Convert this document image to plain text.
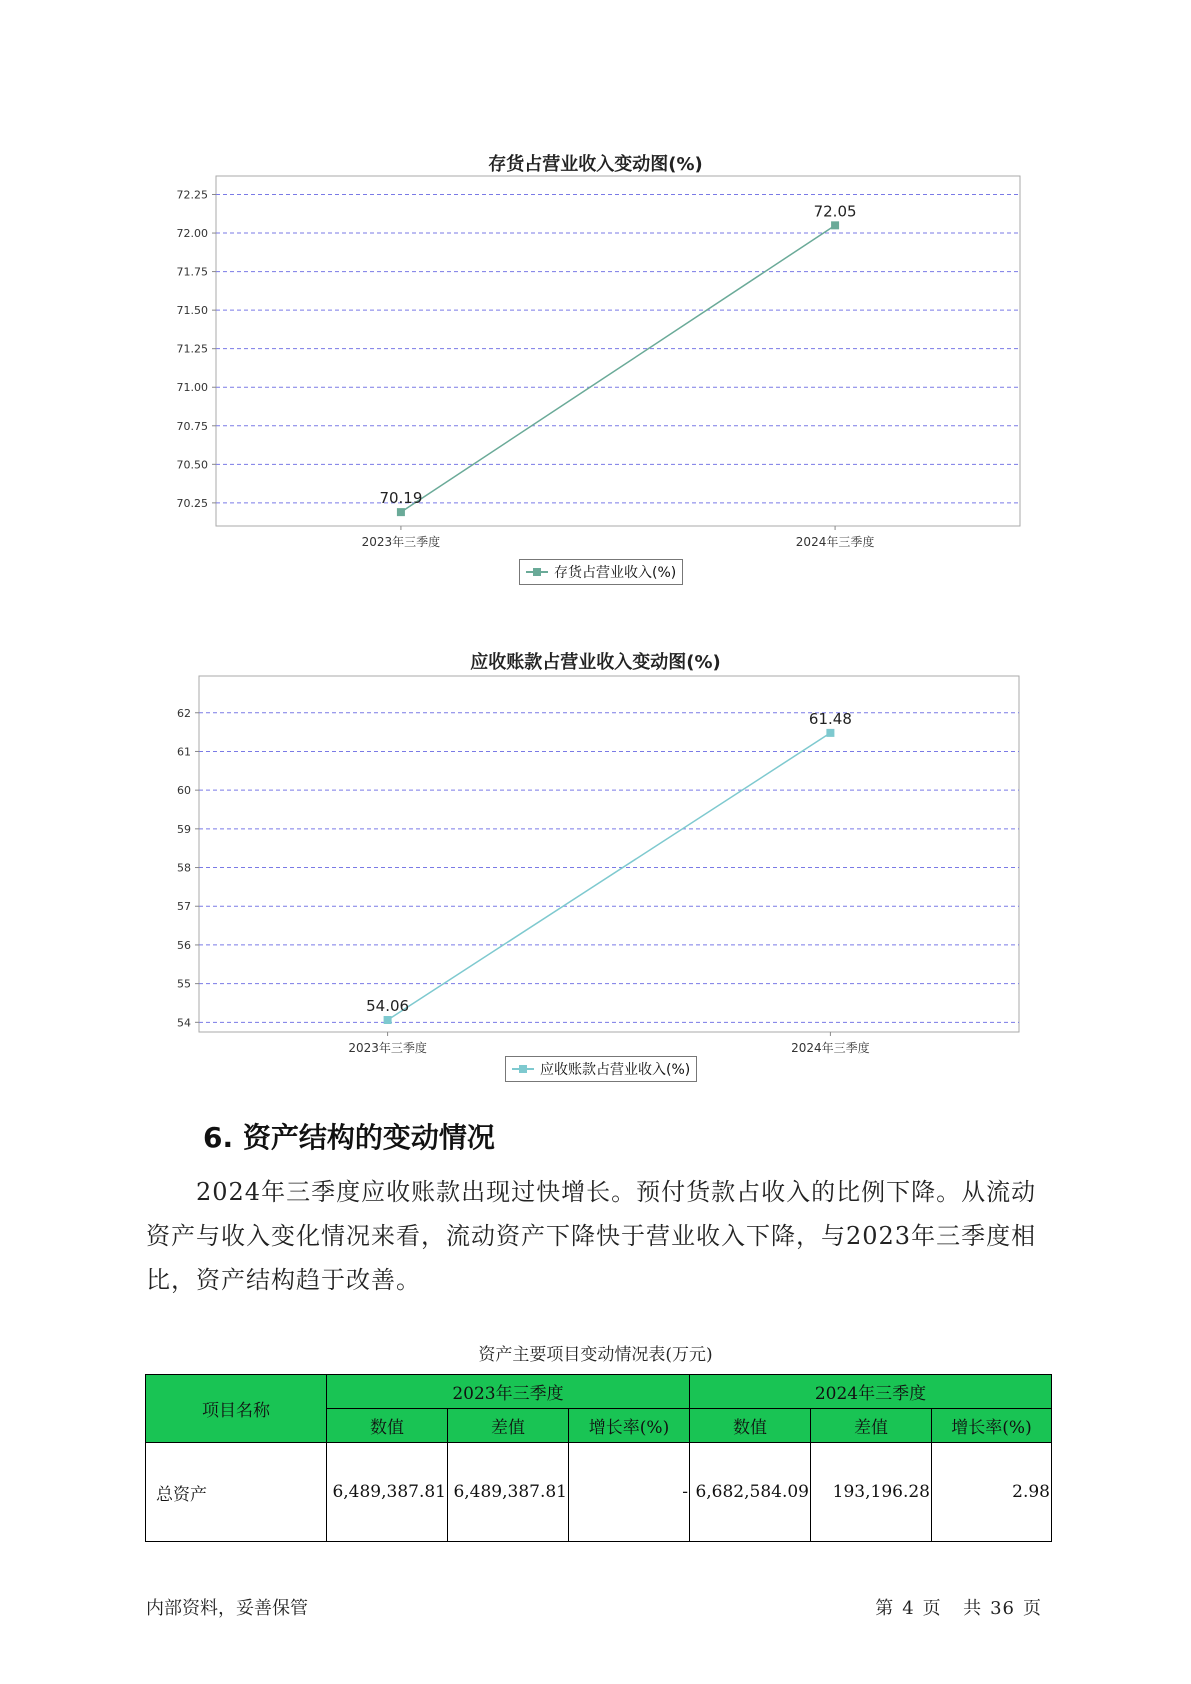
存货占营业收入变动图(%)
72.25
72.00
71.75
71.50
71.25
71.00
70.75
70.50
70.25
2023年三季度	2024年三季度
70.19
72.05
存货占营业收入(%)
应收账款占营业收入变动图(%)
62
61
60
59
58
57
56
55
54
2023年三季度	2024年三季度
54.06
61.48
应收账款占营业收入(%)
6. 资产结构的变动情况
2024年三季度应收账款出现过快增长。预付货款占收入的比例下降。从流动资产与收入变化情况来看，流动资产下降快于营业收入下降，与2023年三季度相比，资产结构趋于改善。
资产主要项目变动情况表(万元)
项目名称	2023年三季度			2024年三季度		
	数值	差值	增长率(%)	数值	差值	增长率(%)
总资产	6,489,387.81	6,489,387.81	-	6,682,584.09	193,196.28	2.98
内部资料，妥善保管	第 4 页 共 36 页
